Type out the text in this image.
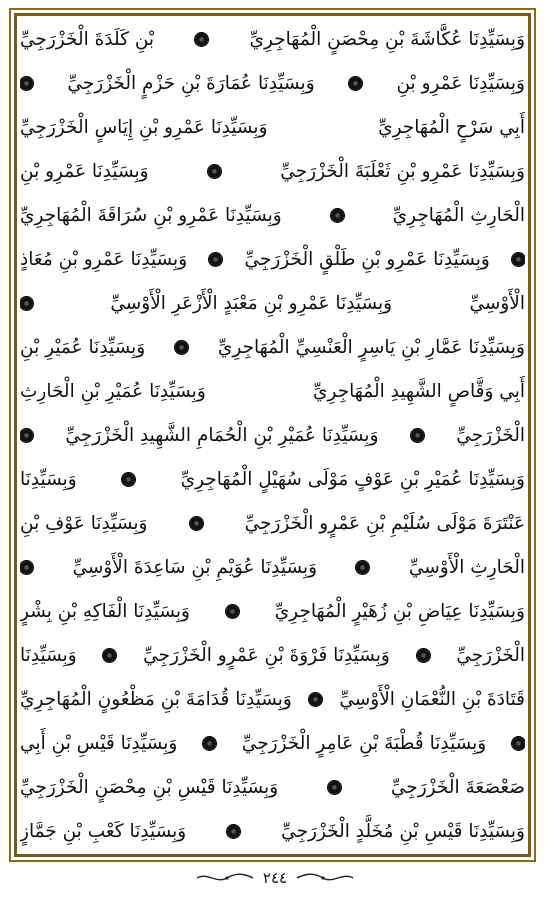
وَبِسَيِّدِنَا عُكَّاشَةَ بْنِ مِحْصَنٍ الْمُهَاجِرِيِّ
بْنِ كَلَدَةَ الْخَزْرَجِيِّ
وَبِسَيِّدِنَا عَمْرِو بْنِ
وَبِسَيِّدِنَا عُمَارَةَ بْنِ حَزْمٍ الْخَزْرَجِيِّ
أَبِي سَرْحٍ الْمُهَاجِرِيِّ
وَبِسَيِّدِنَا عَمْرِو بْنِ إِيَاسٍ الْخَزْرَجِيِّ
وَبِسَيِّدِنَا عَمْرِو بْنِ ثَعْلَبَةَ الْخَزْرَجِيِّ
وَبِسَيِّدِنَا عَمْرِو بْنِ
الْحَارِثِ الْمُهَاجِرِيِّ
وَبِسَيِّدِنَا عَمْرِو بْنِ سُرَاقَةَ الْمُهَاجِرِيِّ
وَبِسَيِّدِنَا عَمْرِو بْنِ طَلْقٍ الْخَزْرَجِيِّ
وَبِسَيِّدِنَا عَمْرِو بْنِ مُعَاذٍ
الْأَوْسِيِّ
وَبِسَيِّدِنَا عَمْرِو بْنِ مَعْبَدٍ الْأَزْعَرِ الْأَوْسِيِّ
وَبِسَيِّدِنَا عَمَّارِ بْنِ يَاسِرٍ الْعَنْسِيِّ الْمُهَاجِرِيِّ
وَبِسَيِّدِنَا عُمَيْرِ بْنِ
أَبِي وَقَّاصٍ الشَّهِيدِ الْمُهَاجِرِيِّ
وَبِسَيِّدِنَا عُمَيْرِ بْنِ الْحَارِثِ
الْخَزْرَجِيِّ
وَبِسَيِّدِنَا عُمَيْرِ بْنِ الْحُمَامِ الشَّهِيدِ الْخَزْرَجِيِّ
وَبِسَيِّدِنَا عُمَيْرِ بْنِ عَوْفٍ مَوْلَى سُهَيْلٍ الْمُهَاجِرِيِّ
وَبِسَيِّدِنَا
عَنْتَرَةَ مَوْلَى سُلَيْمِ بْنِ عَمْرٍو الْخَزْرَجِيِّ
وَبِسَيِّدِنَا عَوْفِ بْنِ
الْحَارِثِ الْأَوْسِيِّ
وَبِسَيِّدِنَا عُوَيْمِ بْنِ سَاعِدَةَ الْأَوْسِيِّ
وَبِسَيِّدِنَا عِيَاضِ بْنِ زُهَيْرٍ الْمُهَاجِرِيِّ
وَبِسَيِّدِنَا الْفَاكِهِ بْنِ بِشْرٍ
الْخَزْرَجِيِّ
وَبِسَيِّدِنَا فَرْوَةَ بْنِ عَمْرٍو الْخَزْرَجِيِّ
وَبِسَيِّدِنَا
قَتَادَةَ بْنِ النُّعْمَانِ الْأَوْسِيِّ
وَبِسَيِّدِنَا قُدَامَةَ بْنِ مَظْعُونٍ الْمُهَاجِرِيِّ
وَبِسَيِّدِنَا قُطْبَةَ بْنِ عَامِرٍ الْخَزْرَجِيِّ
وَبِسَيِّدِنَا قَيْسِ بْنِ أَبِي
صَعْصَعَةَ الْخَزْرَجِيِّ
وَبِسَيِّدِنَا قَيْسِ بْنِ مِحْصَنٍ الْخَزْرَجِيِّ
وَبِسَيِّدِنَا قَيْسِ بْنِ مُخَلَّدٍ الْخَزْرَجِيِّ
وَبِسَيِّدِنَا كَعْبِ بْنِ جَمَّازٍ
٢٤٤
